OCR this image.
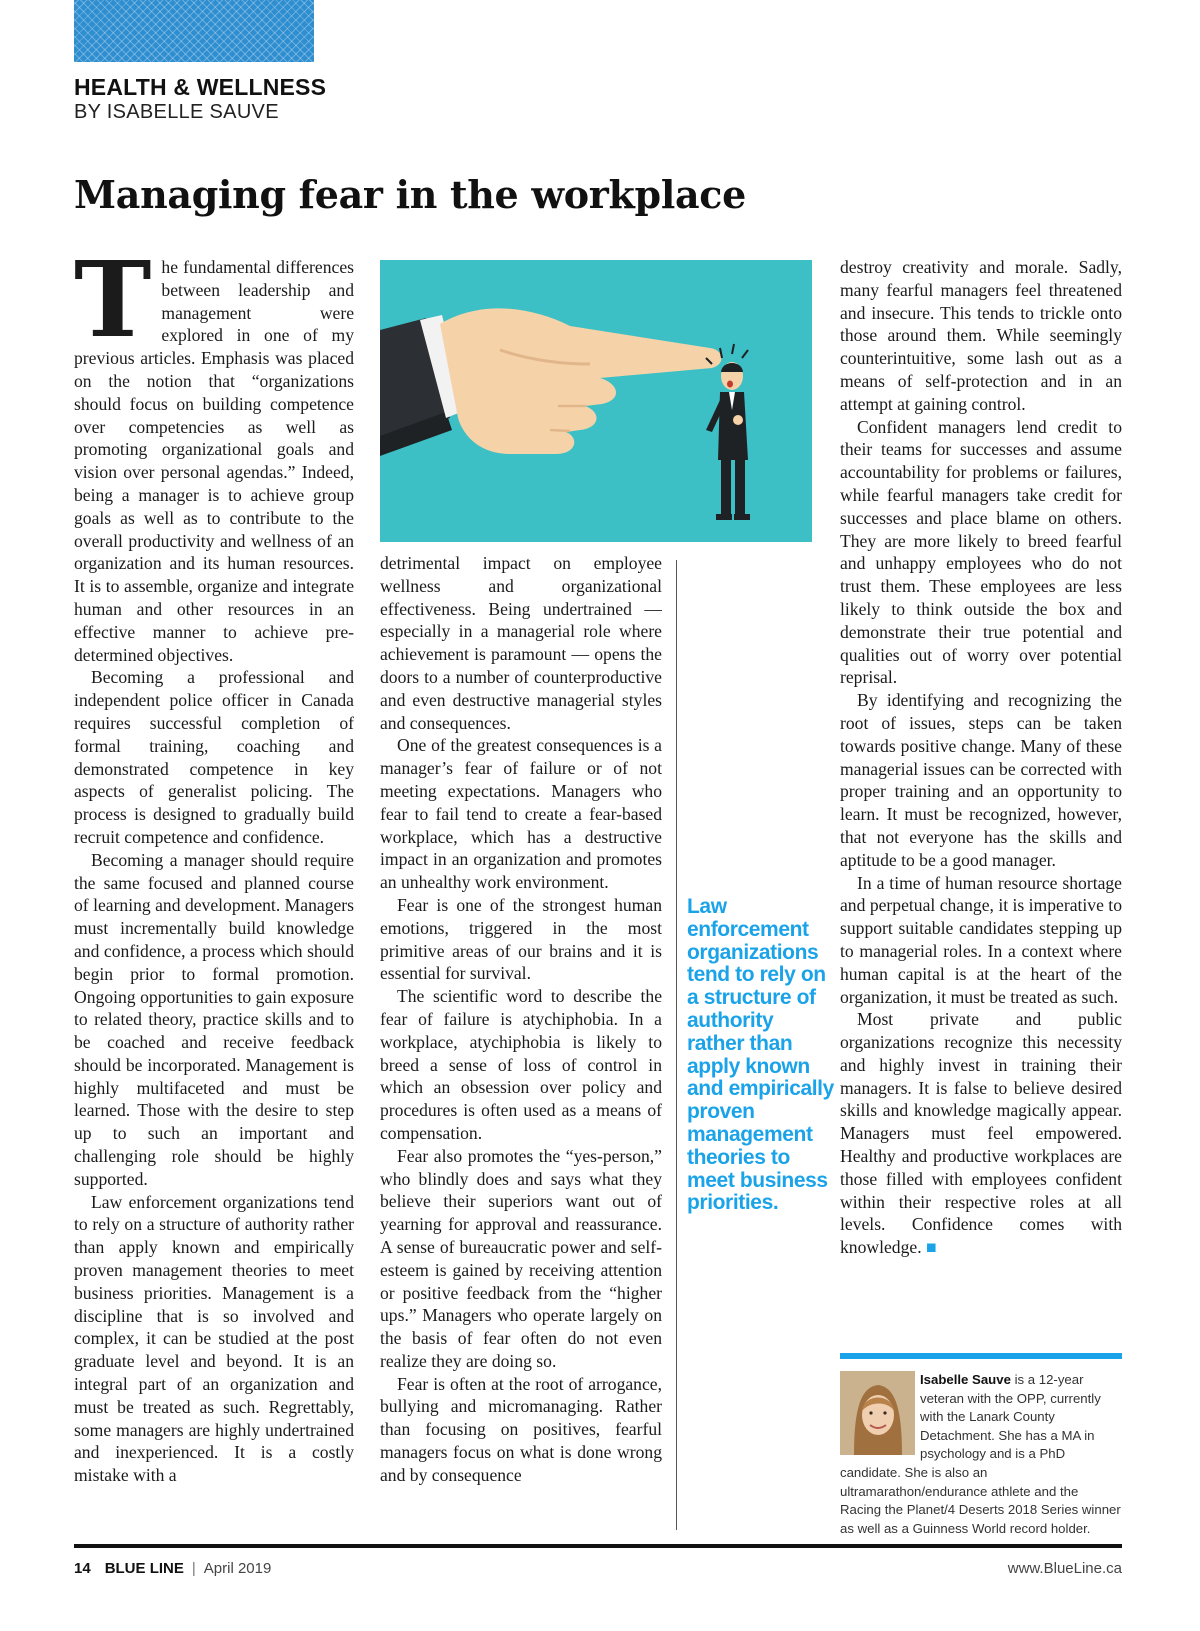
HEALTH & WELLNESS
BY ISABELLE SAUVE
Managing fear in the workplace

The fundamental differences between leadership and management were explored in one of my previous articles. Emphasis was placed on the notion that “organizations should focus on building competence over competencies as well as promoting organizational goals and vision over personal agendas.” Indeed, being a manager is to achieve group goals as well as to contribute to the overall productivity and wellness of an organization and its human resources. It is to assemble, organize and integrate human and other resources in an effective manner to achieve pre-determined objectives.

Becoming a professional and independent police officer in Canada requires successful completion of formal training, coaching and demonstrated competence in key aspects of generalist policing. The process is designed to gradually build recruit competence and confidence.

Becoming a manager should require the same focused and planned course of learning and development. Managers must incrementally build knowledge and confidence, a process which should begin prior to formal promotion. Ongoing opportunities to gain exposure to related theory, practice skills and to be coached and receive feedback should be incorporated. Management is highly multifaceted and must be learned. Those with the desire to step up to such an important and challenging role should be highly supported.

Law enforcement organizations tend to rely on a structure of authority rather than apply known and empirically proven management theories to meet business priorities. Management is a discipline that is so involved and complex, it can be studied at the post graduate level and beyond. It is an integral part of an organization and must be treated as such. Regrettably, some managers are highly undertrained and inexperienced. It is a costly mistake with a

detrimental impact on employee wellness and organizational effectiveness. Being undertrained — especially in a managerial role where achievement is paramount — opens the doors to a number of counterproductive and even destructive managerial styles and consequences.

One of the greatest consequences is a manager’s fear of failure or of not meeting expectations. Managers who fear to fail tend to create a fear-based workplace, which has a destructive impact in an organization and promotes an unhealthy work environment.

Fear is one of the strongest human emotions, triggered in the most primitive areas of our brains and it is essential for survival.

The scientific word to describe the fear of failure is atychiphobia. In a workplace, atychiphobia is likely to breed a sense of loss of control in which an obsession over policy and procedures is often used as a means of compensation.

Fear also promotes the “yes-person,” who blindly does and says what they believe their superiors want out of yearning for approval and reassurance. A sense of bureaucratic power and self-esteem is gained by receiving attention or positive feedback from the “higher ups.” Managers who operate largely on the basis of fear often do not even realize they are doing so.

Fear is often at the root of arrogance, bullying and micromanaging. Rather than focusing on positives, fearful managers focus on what is done wrong and by consequence

Law enforcement organizations tend to rely on a structure of authority rather than apply known and empirically proven management theories to meet business priorities.

destroy creativity and morale. Sadly, many fearful managers feel threatened and insecure. This tends to trickle onto those around them. While seemingly counterintuitive, some lash out as a means of self-protection and in an attempt at gaining control.

Confident managers lend credit to their teams for successes and assume accountability for problems or failures, while fearful managers take credit for successes and place blame on others. They are more likely to breed fearful and unhappy employees who do not trust them. These employees are less likely to think outside the box and demonstrate their true potential and qualities out of worry over potential reprisal.

By identifying and recognizing the root of issues, steps can be taken towards positive change. Many of these managerial issues can be corrected with proper training and an opportunity to learn. It must be recognized, however, that not everyone has the skills and aptitude to be a good manager.

In a time of human resource shortage and perpetual change, it is imperative to support suitable candidates stepping up to managerial roles. In a context where human capital is at the heart of the organization, it must be treated as such.

Most private and public organizations recognize this necessity and highly invest in training their managers. It is false to believe desired skills and knowledge magically appear. Managers must feel empowered. Healthy and productive workplaces are those filled with employees confident within their respective roles at all levels. Confidence comes with knowledge. ■

Isabelle Sauve is a 12-year veteran with the OPP, currently with the Lanark County Detachment. She has a MA in psychology and is a PhD candidate. She is also an ultramarathon/endurance athlete and the Racing the Planet/4 Deserts 2018 Series winner as well as a Guinness World record holder.
14 BLUE LINE | April 2019	www.BlueLine.ca
